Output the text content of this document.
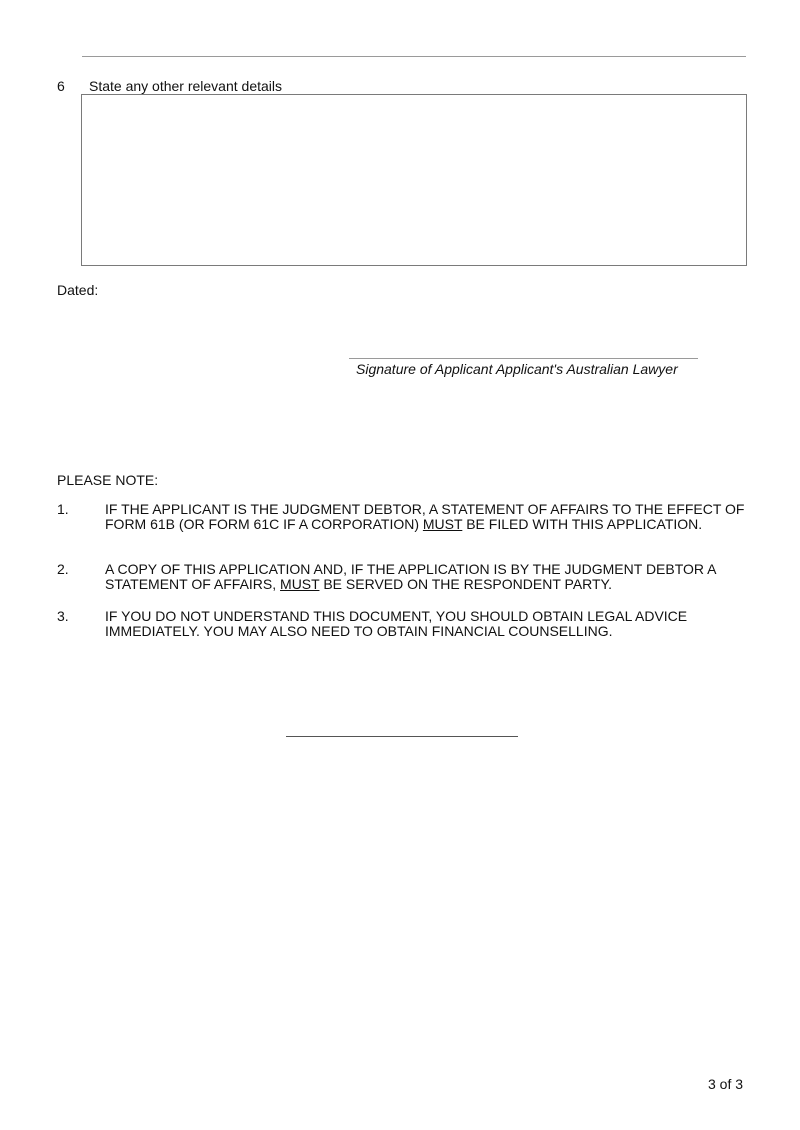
6 State any other relevant details
Dated:
Signature of Applicant Applicant's Australian Lawyer
PLEASE NOTE:
1.	IF THE APPLICANT IS THE JUDGMENT DEBTOR, A STATEMENT OF AFFAIRS TO THE EFFECT OF FORM 61B (OR FORM 61C IF A CORPORATION) MUST BE FILED WITH THIS APPLICATION.
2.	A COPY OF THIS APPLICATION AND, IF THE APPLICATION IS BY THE JUDGMENT DEBTOR A STATEMENT OF AFFAIRS, MUST BE SERVED ON THE RESPONDENT PARTY.
3.	IF YOU DO NOT UNDERSTAND THIS DOCUMENT, YOU SHOULD OBTAIN LEGAL ADVICE IMMEDIATELY. YOU MAY ALSO NEED TO OBTAIN FINANCIAL COUNSELLING.
3 of 3
